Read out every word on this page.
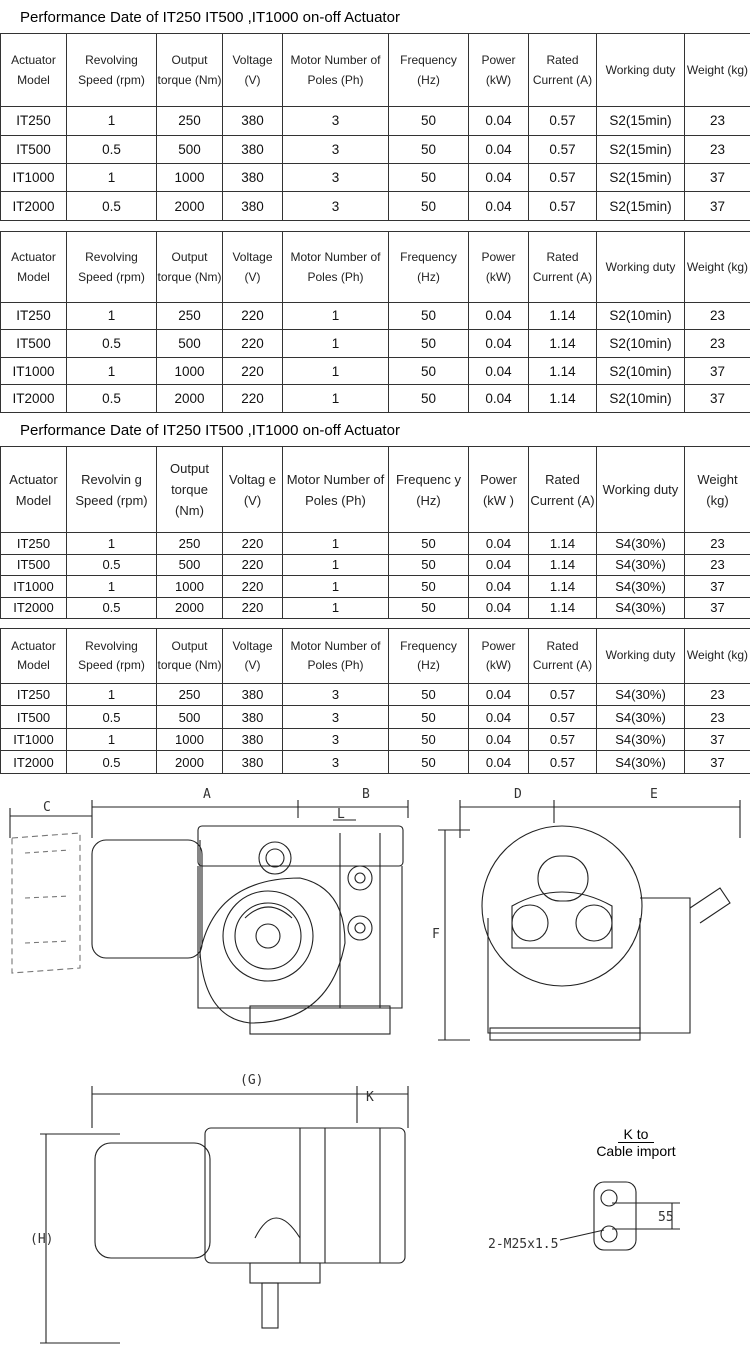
Performance Date of IT250 IT500 ,IT1000 on-off Actuator
Actuator Model	Revolving Speed (rpm)	Output torque (Nm)	Voltage (V)	Motor Number of Poles (Ph)	Frequency (Hz)	Power (kW)	Rated Current (A)	Working duty	Weight (kg)
IT250	1	250	380	3	50	0.04	0.57	S2(15min)	23
IT500	0.5	500	380	3	50	0.04	0.57	S2(15min)	23
IT1000	1	1000	380	3	50	0.04	0.57	S2(15min)	37
IT2000	0.5	2000	380	3	50	0.04	0.57	S2(15min)	37
Actuator Model	Revolving Speed (rpm)	Output torque (Nm)	Voltage (V)	Motor Number of Poles (Ph)	Frequency (Hz)	Power (kW)	Rated Current (A)	Working duty	Weight (kg)
IT250	1	250	220	1	50	0.04	1.14	S2(10min)	23
IT500	0.5	500	220	1	50	0.04	1.14	S2(10min)	23
IT1000	1	1000	220	1	50	0.04	1.14	S2(10min)	37
IT2000	0.5	2000	220	1	50	0.04	1.14	S2(10min)	37
Performance Date of IT250 IT500 ,IT1000 on-off Actuator
Actuator Model	Revolvin g Speed (rpm)	Output torque (Nm)	Voltag e (V)	Motor Number of Poles (Ph)	Frequenc y (Hz)	Power (kW )	Rated Current (A)	Working duty	Weight (kg)
IT250	1	250	220	1	50	0.04	1.14	S4(30%)	23
IT500	0.5	500	220	1	50	0.04	1.14	S4(30%)	23
IT1000	1	1000	220	1	50	0.04	1.14	S4(30%)	37
IT2000	0.5	2000	220	1	50	0.04	1.14	S4(30%)	37
Actuator Model	Revolving Speed (rpm)	Output torque (Nm)	Voltage (V)	Motor Number of Poles (Ph)	Frequency (Hz)	Power (kW)	Rated Current (A)	Working duty	Weight (kg)
IT250	1	250	380	3	50	0.04	0.57	S4(30%)	23
IT500	0.5	500	380	3	50	0.04	0.57	S4(30%)	23
IT1000	1	1000	380	3	50	0.04	0.57	S4(30%)	37
IT2000	0.5	2000	380	3	50	0.04	0.57	S4(30%)	37
A	B
C
D	E
F
L
(G)
(H)
K
55
2-M25x1.5
K to
Cable import
